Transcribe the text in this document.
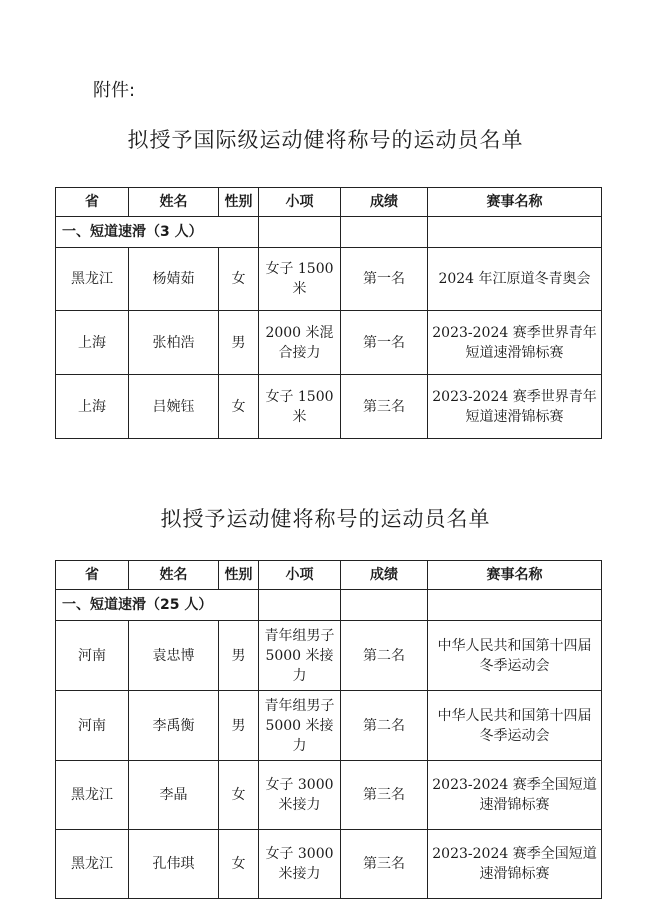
附件:
拟授予国际级运动健将称号的运动员名单
省	姓名	性别	小项	成绩	赛事名称
一、短道速滑（3 人）					
黑龙江	杨婧茹	女	女子 1500 米	第一名	2024 年江原道冬青奥会
上海	张柏浩	男	2000 米混合接力	第一名	2023-2024 赛季世界青年短道速滑锦标赛
上海	吕婉钰	女	女子 1500 米	第三名	2023-2024 赛季世界青年短道速滑锦标赛
拟授予运动健将称号的运动员名单
省	姓名	性别	小项	成绩	赛事名称
一、短道速滑（25 人）					
河南	袁忠博	男	青年组男子 5000 米接力	第二名	中华人民共和国第十四届冬季运动会
河南	李禹衡	男	青年组男子 5000 米接力	第二名	中华人民共和国第十四届冬季运动会
黑龙江	李晶	女	女子 3000 米接力	第三名	2023-2024 赛季全国短道速滑锦标赛
黑龙江	孔伟琪	女	女子 3000 米接力	第三名	2023-2024 赛季全国短道速滑锦标赛
